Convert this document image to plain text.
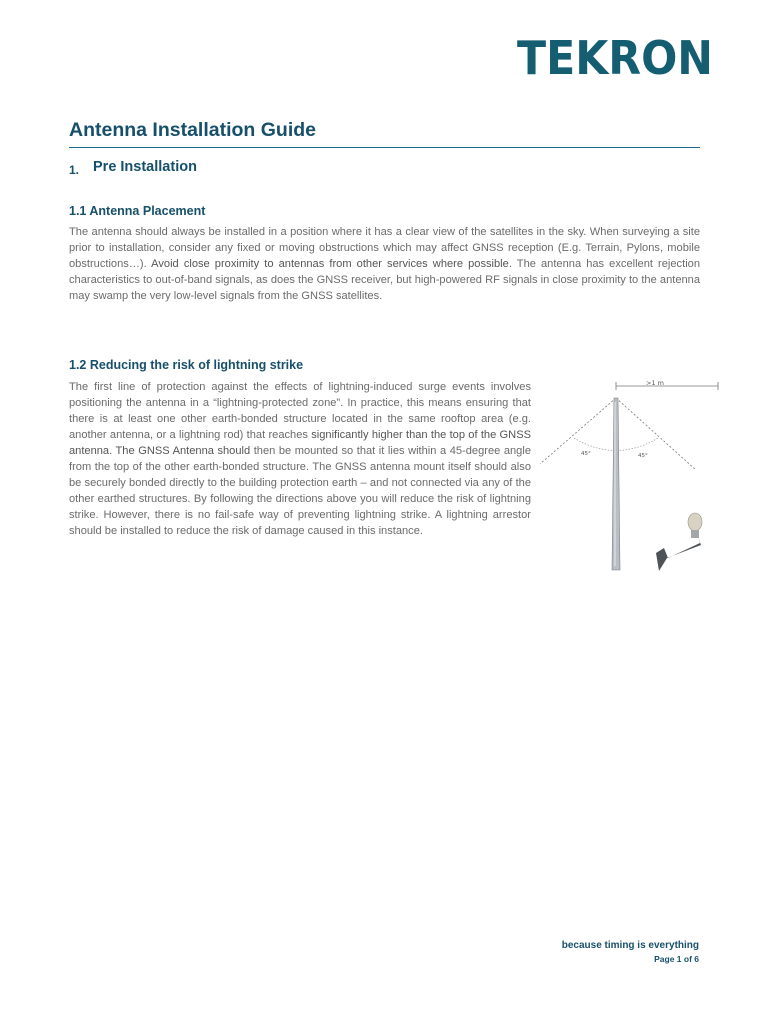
TEKRON
Antenna Installation Guide
1. Pre Installation
1.1 Antenna Placement

The antenna should always be installed in a position where it has a clear view of the satellites in the sky. When surveying a site prior to installation, consider any fixed or moving obstructions which may affect GNSS reception (E.g. Terrain, Pylons, mobile obstructions…). Avoid close proximity to antennas from other services where possible. The antenna has excellent rejection characteristics to out-of-band signals, as does the GNSS receiver, but high-powered RF signals in close proximity to the antenna may swamp the very low-level signals from the GNSS satellites.

1.2 Reducing the risk of lightning strike

The first line of protection against the effects of lightning-induced surge events involves positioning the antenna in a “lightning-protected zone”. In practice, this means ensuring that there is at least one other earth-bonded structure located in the same rooftop area (e.g. another antenna, or a lightning rod) that reaches significantly higher than the top of the GNSS antenna. The GNSS Antenna should then be mounted so that it lies within a 45-degree angle from the top of the other earth-bonded structure. The GNSS antenna mount itself should also be securely bonded directly to the building protection earth – and not connected via any of the other earthed structures. By following the directions above you will reduce the risk of lightning strike. However, there is no fail-safe way of preventing lightning strike. A lightning arrestor should be installed to reduce the risk of damage caused in this instance.

>1 m
45°	45°
because timing is everything
Page 1 of 6
